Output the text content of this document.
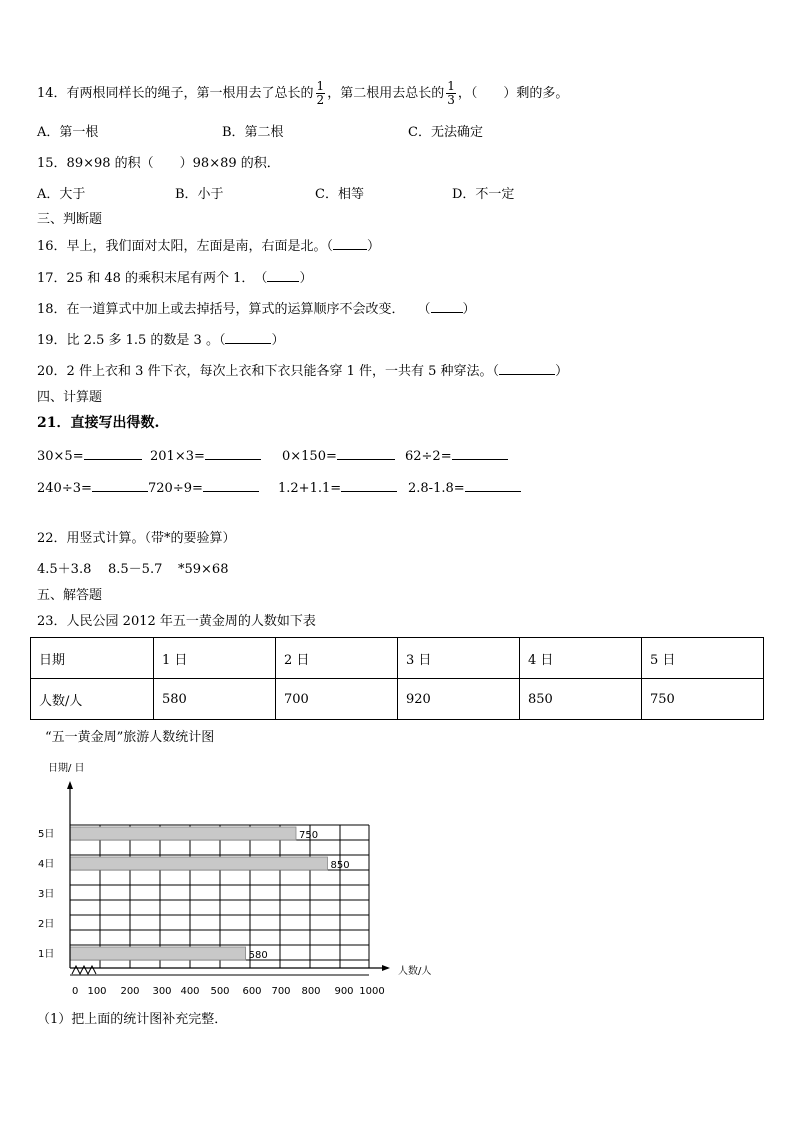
14．有两根同样长的绳子，第一根用去了总长的 $\frac{1}{2}$ ，第二根用去总长的 $\frac{1}{3}$ ，（　　）剩的多。
A．第一根	B．第二根	C．无法确定
15．89×98 的积（　　）98×89 的积．
A．大于	B．小于	C．相等	D．不一定
三、判断题
16．早上，我们面对太阳，左面是南，右面是北。（	）
17．25 和 48 的乘积末尾有两个 1．　（ ）
18．在一道算式中加上或去掉括号，算式的运算顺序不会改变．　　（ ）
19．比 2.5 多 1.5 的数是 3 。（	）
20．2 件上衣和 3 件下衣，每次上衣和下衣只能各穿 1 件，一共有 5 种穿法。（	）
四、计算题
21．直接写出得数.
30×5=	201×3=	0×150=	62÷2=
240÷3=	720÷9=	1.2+1.1=	2.8-1.8=
22．用竖式计算。（带*的要验算）
4.5＋3.8 8.5－5.7 *59×68
五、解答题
23．人民公园 2012 年五一黄金周的人数如下表
日期	1 日	2 日	3 日	4 日	5 日
人数/人	580	700	920	850	750
“五一黄金周”旅游人数统计图
580
850
750
1日
2日
3日
4日
5日
0 100 200 300 400 500 600 700 800 900 1000
日期/ 日
人数/人
（1）把上面的统计图补充完整．
